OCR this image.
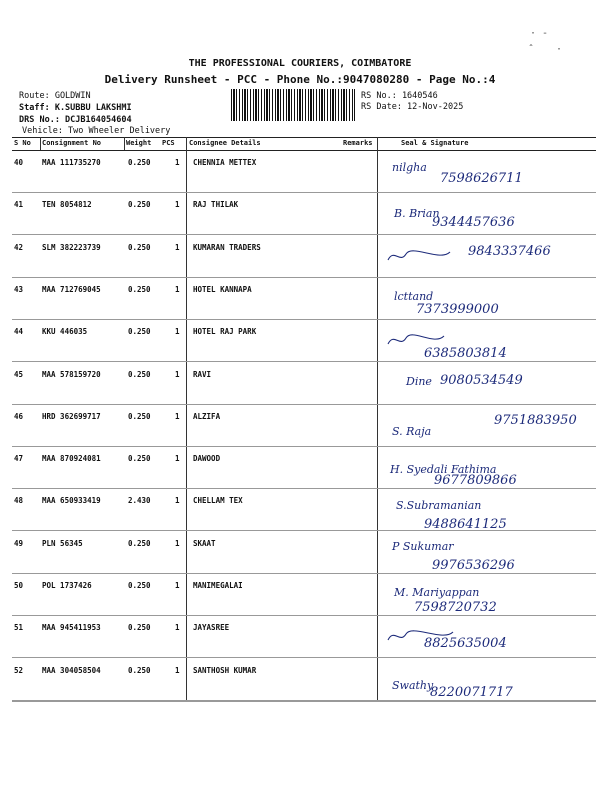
· -
·
ˆ
THE PROFESSIONAL COURIERS, COIMBATORE
Delivery Runsheet - PCC - Phone No.:9047080280 - Page No.:4
Route: GOLDWIN
Staff: K.SUBBU LAKSHMI
DRS No.: DCJB164054604
Vehicle: Two Wheeler Delivery
RS No.: 1640546
RS Date: 12-Nov-2025
S No Consignment No	Weight PCS Consignee Details	Remarks	Seal & Signature
40	MAA 111735270	0.250	1 CHENNIA METTEX	nilgha
7598626711
41	TEN 8054812	0.250	1 RAJ THILAK
B. Brian
9344457636
42	SLM 382223739	0.250	1 KUMARAN TRADERS	9843337466
43	MAA 712769045	0.250	1 HOTEL KANNAPA
lcttand
7373999000
44	KKU 446035	0.250	1 HOTEL RAJ PARK
6385803814
45	MAA 578159720	0.250	1 RAVI
Dine 9080534549
46	HRD 362699717	0.250	1 ALZIFA
S. Raja
9751883950
47	MAA 870924081	0.250	1 DAWOOD
H. Syedali Fathima
9677809866
48	MAA 650933419	2.430	1 CHELLAM TEX	S.Subramanian
9488641125
49	PLN 56345	0.250	1 SKAAT	P Sukumar
9976536296
50	POL 1737426	0.250	1 MANIMEGALAI
M. Mariyappan
7598720732
51	MAA 945411953	0.250	1 JAYASREE
8825635004
52	MAA 304058504	0.250	1 SANTHOSH KUMAR
Swathy
8220071717
